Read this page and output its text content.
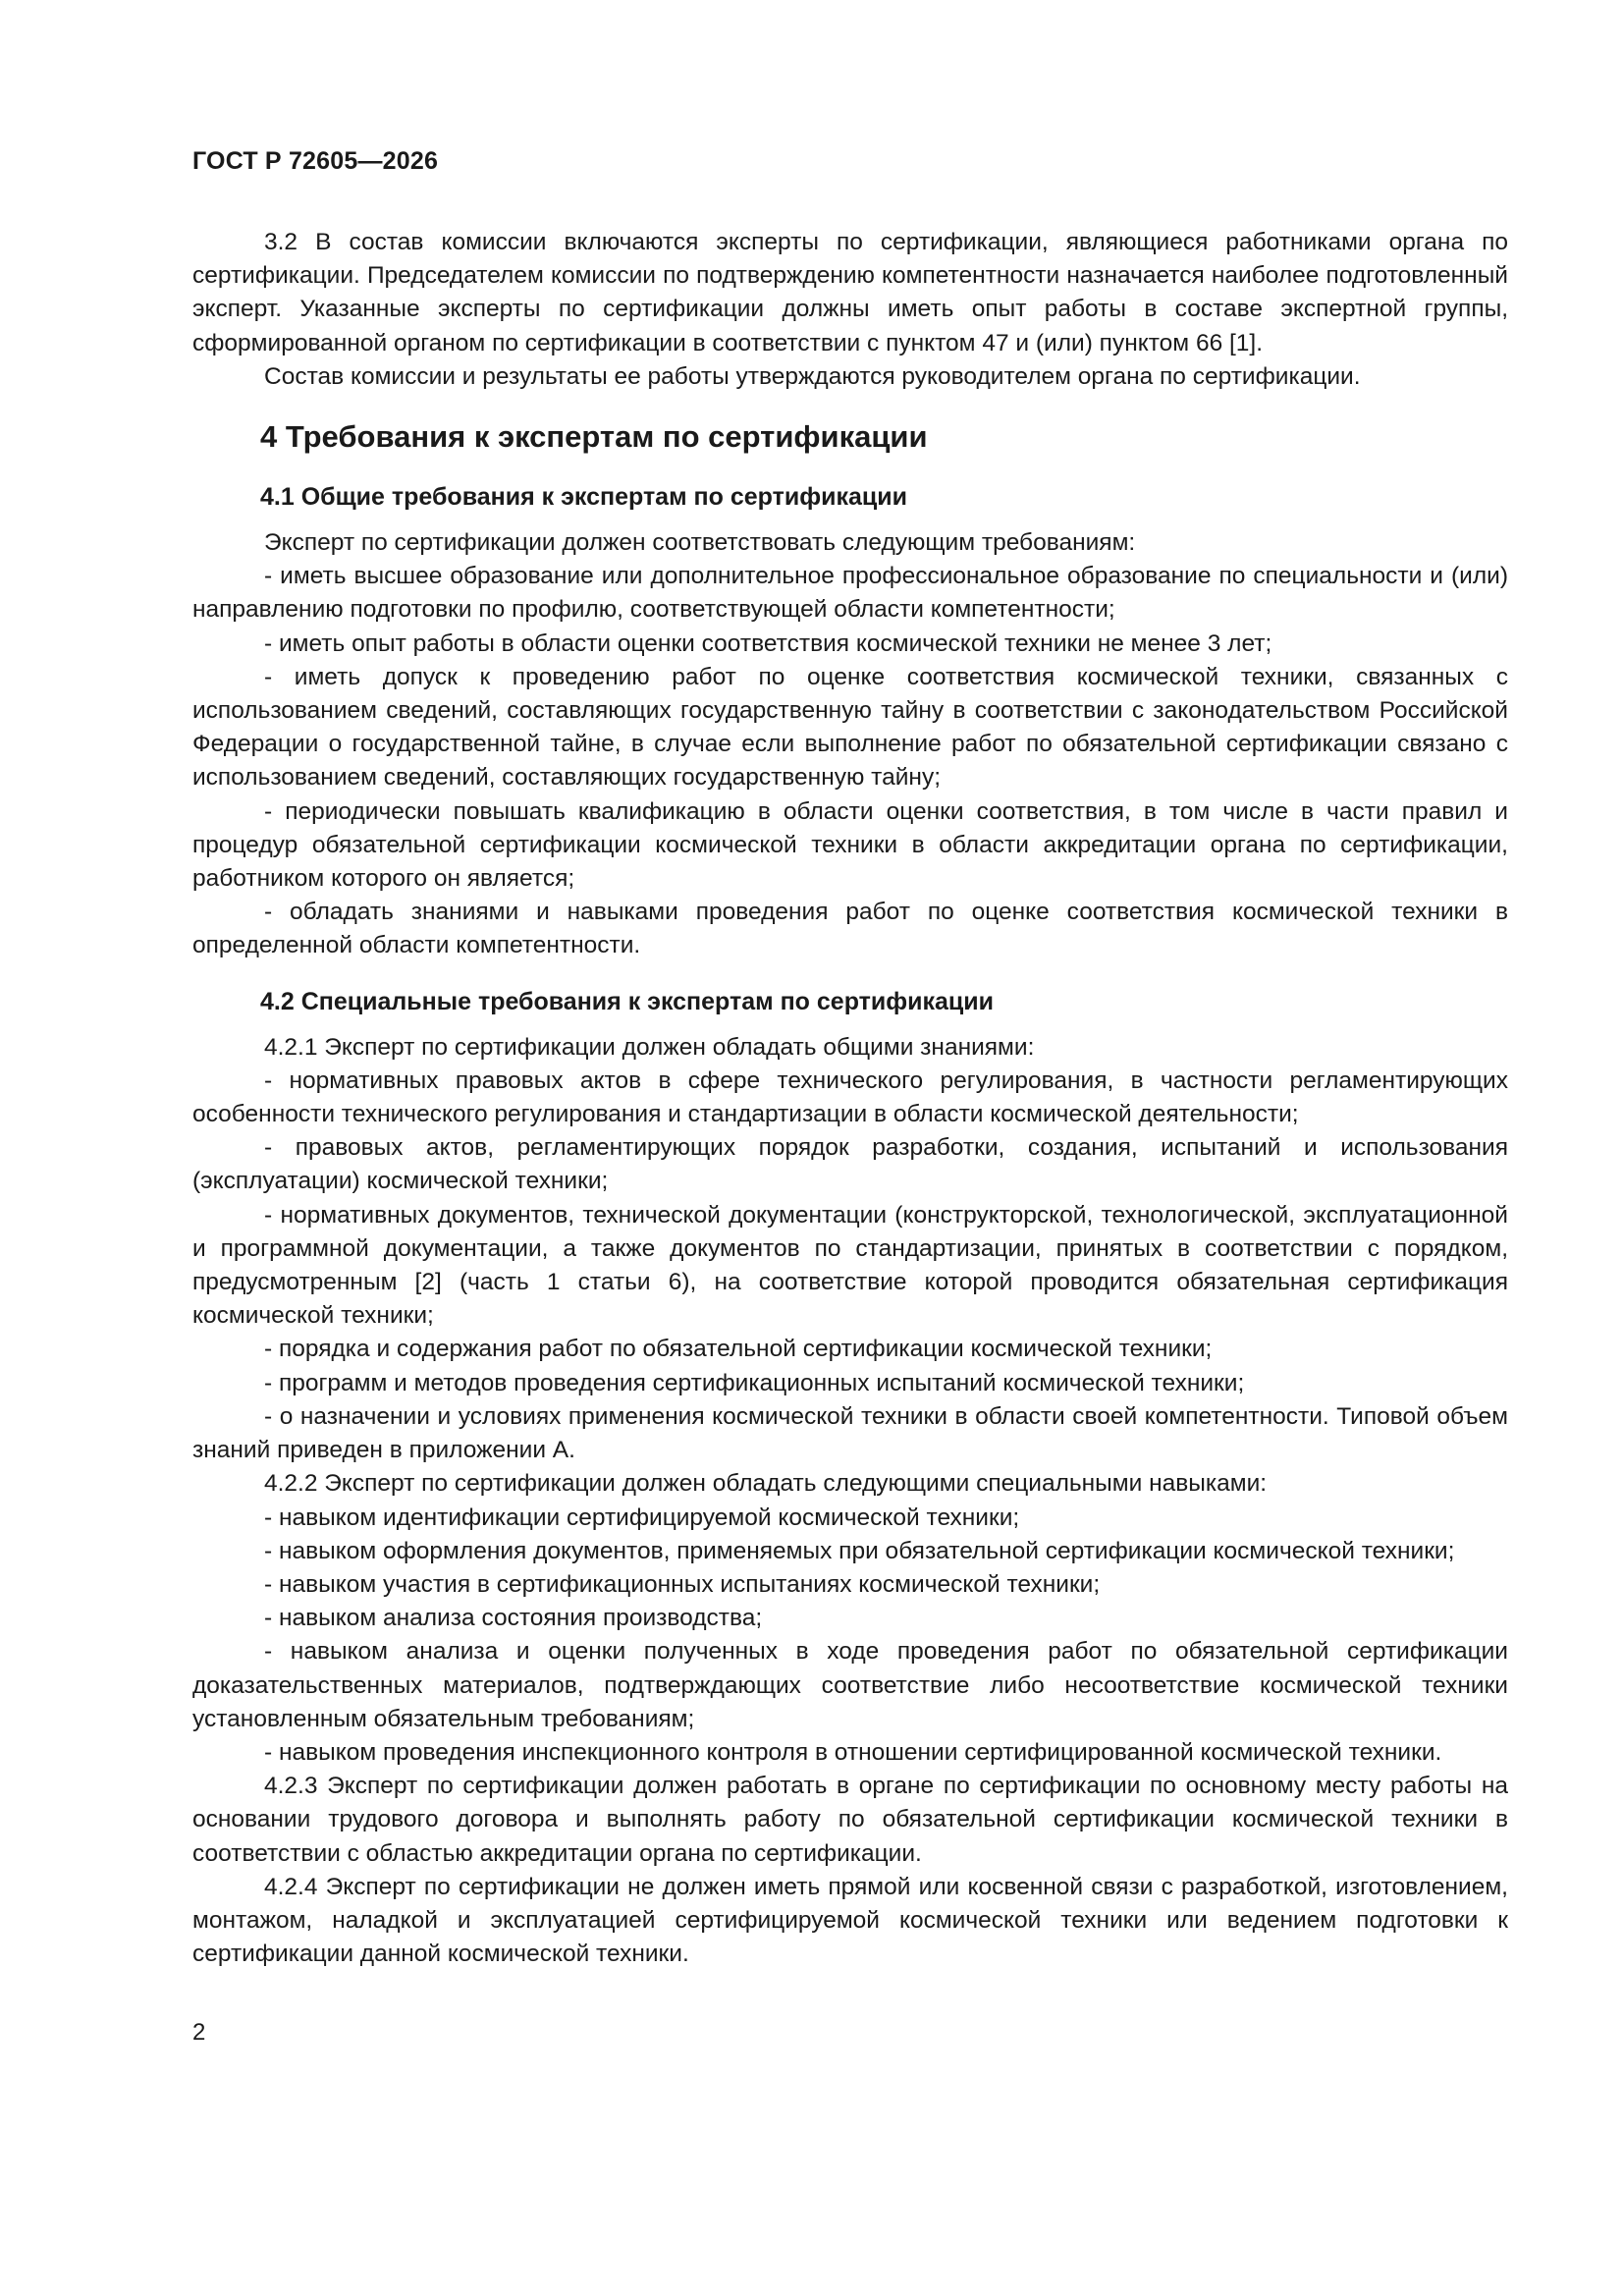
ГОСТ Р 72605—2026

3.2 В состав комиссии включаются эксперты по сертификации, являющиеся работниками органа по сертификации. Председателем комиссии по подтверждению компетентности назначается наиболее подготовленный эксперт. Указанные эксперты по сертификации должны иметь опыт работы в составе экспертной группы, сформированной органом по сертификации в соответствии с пунктом 47 и (или) пунктом 66 [1].

Состав комиссии и результаты ее работы утверждаются руководителем органа по сертификации.

4 Требования к экспертам по сертификации
4.1 Общие требования к экспертам по сертификации

Эксперт по сертификации должен соответствовать следующим требованиям:

- иметь высшее образование или дополнительное профессиональное образование по специальности и (или) направлению подготовки по профилю, соответствующей области компетентности;

- иметь опыт работы в области оценки соответствия космической техники не менее 3 лет;

- иметь допуск к проведению работ по оценке соответствия космической техники, связанных с использованием сведений, составляющих государственную тайну в соответствии с законодательством Российской Федерации о государственной тайне, в случае если выполнение работ по обязательной сертификации связано с использованием сведений, составляющих государственную тайну;

- периодически повышать квалификацию в области оценки соответствия, в том числе в части правил и процедур обязательной сертификации космической техники в области аккредитации органа по сертификации, работником которого он является;

- обладать знаниями и навыками проведения работ по оценке соответствия космической техники в определенной области компетентности.

4.2 Специальные требования к экспертам по сертификации

4.2.1 Эксперт по сертификации должен обладать общими знаниями:

- нормативных правовых актов в сфере технического регулирования, в частности регламентирующих особенности технического регулирования и стандартизации в области космической деятельности;

- правовых актов, регламентирующих порядок разработки, создания, испытаний и использования (эксплуатации) космической техники;

- нормативных документов, технической документации (конструкторской, технологической, эксплуатационной и программной документации, а также документов по стандартизации, принятых в соответствии с порядком, предусмотренным [2] (часть 1 статьи 6), на соответствие которой проводится обязательная сертификация космической техники;

- порядка и содержания работ по обязательной сертификации космической техники;

- программ и методов проведения сертификационных испытаний космической техники;

- о назначении и условиях применения космической техники в области своей компетентности. Типовой объем знаний приведен в приложении А.

4.2.2 Эксперт по сертификации должен обладать следующими специальными навыками:

- навыком идентификации сертифицируемой космической техники;

- навыком оформления документов, применяемых при обязательной сертификации космической техники;

- навыком участия в сертификационных испытаниях космической техники;

- навыком анализа состояния производства;

- навыком анализа и оценки полученных в ходе проведения работ по обязательной сертификации доказательственных материалов, подтверждающих соответствие либо несоответствие космической техники установленным обязательным требованиям;

- навыком проведения инспекционного контроля в отношении сертифицированной космической техники.

4.2.3 Эксперт по сертификации должен работать в органе по сертификации по основному месту работы на основании трудового договора и выполнять работу по обязательной сертификации космической техники в соответствии с областью аккредитации органа по сертификации.

4.2.4 Эксперт по сертификации не должен иметь прямой или косвенной связи с разработкой, изготовлением, монтажом, наладкой и эксплуатацией сертифицируемой космической техники или ведением подготовки к сертификации данной космической техники.

2
